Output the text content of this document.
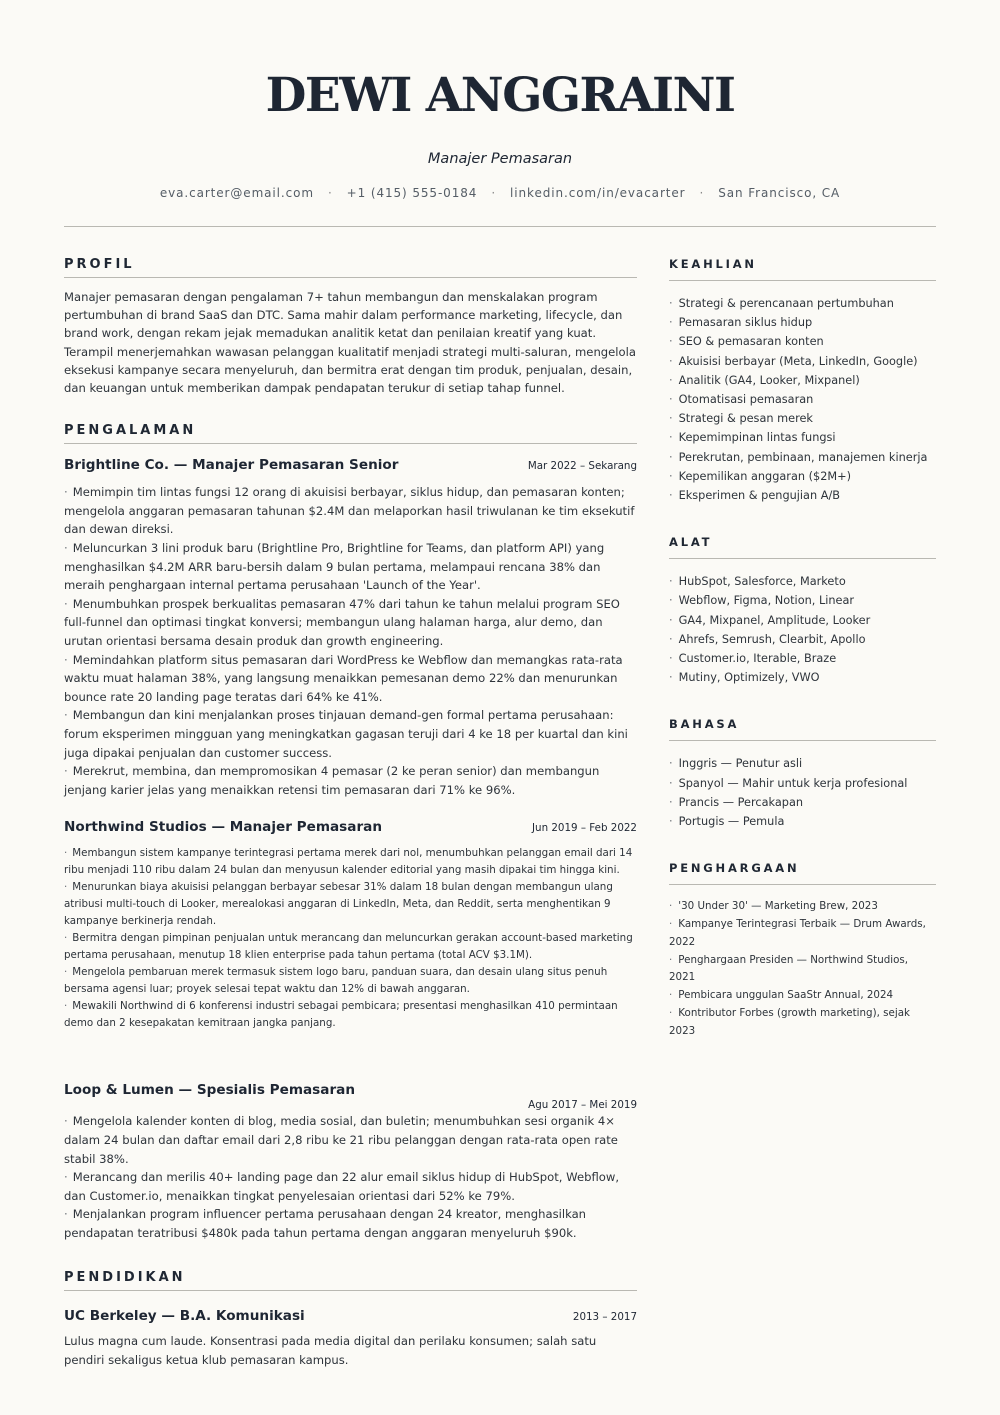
DEWI ANGGRAINI
Manajer Pemasaran
eva.carter@email.com · +1 (415) 555-0184 · linkedin.com/in/evacarter · San Francisco, CA
PROFIL

Manajer pemasaran dengan pengalaman 7+ tahun membangun dan menskalakan program pertumbuhan di brand SaaS dan DTC. Sama mahir dalam performance marketing, lifecycle, dan brand work, dengan rekam jejak memadukan analitik ketat dan penilaian kreatif yang kuat. Terampil menerjemahkan wawasan pelanggan kualitatif menjadi strategi multi-saluran, mengelola eksekusi kampanye secara menyeluruh, dan bermitra erat dengan tim produk, penjualan, desain, dan keuangan untuk memberikan dampak pendapatan terukur di setiap tahap funnel.

PENGALAMAN
Brightline Co. — Manajer Pemasaran Senior	Mar 2022 – Sekarang

· Memimpin tim lintas fungsi 12 orang di akuisisi berbayar, siklus hidup, dan pemasaran konten; mengelola anggaran pemasaran tahunan $2.4M dan melaporkan hasil triwulanan ke tim eksekutif dan dewan direksi.

· Meluncurkan 3 lini produk baru (Brightline Pro, Brightline for Teams, dan platform API) yang menghasilkan $4.2M ARR baru-bersih dalam 9 bulan pertama, melampaui rencana 38% dan meraih penghargaan internal pertama perusahaan 'Launch of the Year'.

· Menumbuhkan prospek berkualitas pemasaran 47% dari tahun ke tahun melalui program SEO full-funnel dan optimasi tingkat konversi; membangun ulang halaman harga, alur demo, dan urutan orientasi bersama desain produk dan growth engineering.

· Memindahkan platform situs pemasaran dari WordPress ke Webflow dan memangkas rata-rata waktu muat halaman 38%, yang langsung menaikkan pemesanan demo 22% dan menurunkan bounce rate 20 landing page teratas dari 64% ke 41%.

· Membangun dan kini menjalankan proses tinjauan demand-gen formal pertama perusahaan: forum eksperimen mingguan yang meningkatkan gagasan teruji dari 4 ke 18 per kuartal dan kini juga dipakai penjualan dan customer success.

· Merekrut, membina, dan mempromosikan 4 pemasar (2 ke peran senior) dan membangun jenjang karier jelas yang menaikkan retensi tim pemasaran dari 71% ke 96%.

Northwind Studios — Manajer Pemasaran	Jun 2019 – Feb 2022

· Membangun sistem kampanye terintegrasi pertama merek dari nol, menumbuhkan pelanggan email dari 14 ribu menjadi 110 ribu dalam 24 bulan dan menyusun kalender editorial yang masih dipakai tim hingga kini.

· Menurunkan biaya akuisisi pelanggan berbayar sebesar 31% dalam 18 bulan dengan membangun ulang atribusi multi-touch di Looker, merealokasi anggaran di LinkedIn, Meta, dan Reddit, serta menghentikan 9 kampanye berkinerja rendah.

· Bermitra dengan pimpinan penjualan untuk merancang dan meluncurkan gerakan account-based marketing pertama perusahaan, menutup 18 klien enterprise pada tahun pertama (total ACV $3.1M).

· Mengelola pembaruan merek termasuk sistem logo baru, panduan suara, dan desain ulang situs penuh bersama agensi luar; proyek selesai tepat waktu dan 12% di bawah anggaran.

· Mewakili Northwind di 6 konferensi industri sebagai pembicara; presentasi menghasilkan 410 permintaan demo dan 2 kesepakatan kemitraan jangka panjang.

Loop & Lumen — Spesialis Pemasaran
Agu 2017 – Mei 2019

· Mengelola kalender konten di blog, media sosial, dan buletin; menumbuhkan sesi organik 4× dalam 24 bulan dan daftar email dari 2,8 ribu ke 21 ribu pelanggan dengan rata-rata open rate stabil 38%.

· Merancang dan merilis 40+ landing page dan 22 alur email siklus hidup di HubSpot, Webflow, dan Customer.io, menaikkan tingkat penyelesaian orientasi dari 52% ke 79%.

· Menjalankan program influencer pertama perusahaan dengan 24 kreator, menghasilkan pendapatan teratribusi $480k pada tahun pertama dengan anggaran menyeluruh $90k.

PENDIDIKAN
UC Berkeley — B.A. Komunikasi	2013 – 2017

Lulus magna cum laude. Konsentrasi pada media digital dan perilaku konsumen; salah satu pendiri sekaligus ketua klub pemasaran kampus.

KEAHLIAN
· Strategi & perencanaan pertumbuhan
· Pemasaran siklus hidup
· SEO & pemasaran konten
· Akuisisi berbayar (Meta, LinkedIn, Google)
· Analitik (GA4, Looker, Mixpanel)
· Otomatisasi pemasaran
· Strategi & pesan merek
· Kepemimpinan lintas fungsi
· Perekrutan, pembinaan, manajemen kinerja
· Kepemilikan anggaran ($2M+)
· Eksperimen & pengujian A/B
ALAT
· HubSpot, Salesforce, Marketo
· Webflow, Figma, Notion, Linear
· GA4, Mixpanel, Amplitude, Looker
· Ahrefs, Semrush, Clearbit, Apollo
· Customer.io, Iterable, Braze
· Mutiny, Optimizely, VWO
BAHASA
· Inggris — Penutur asli
· Spanyol — Mahir untuk kerja profesional
· Prancis — Percakapan
· Portugis — Pemula
PENGHARGAAN
· '30 Under 30' — Marketing Brew, 2023
· Kampanye Terintegrasi Terbaik — Drum Awards, 2022
· Penghargaan Presiden — Northwind Studios, 2021
· Pembicara unggulan SaaStr Annual, 2024
· Kontributor Forbes (growth marketing), sejak 2023
